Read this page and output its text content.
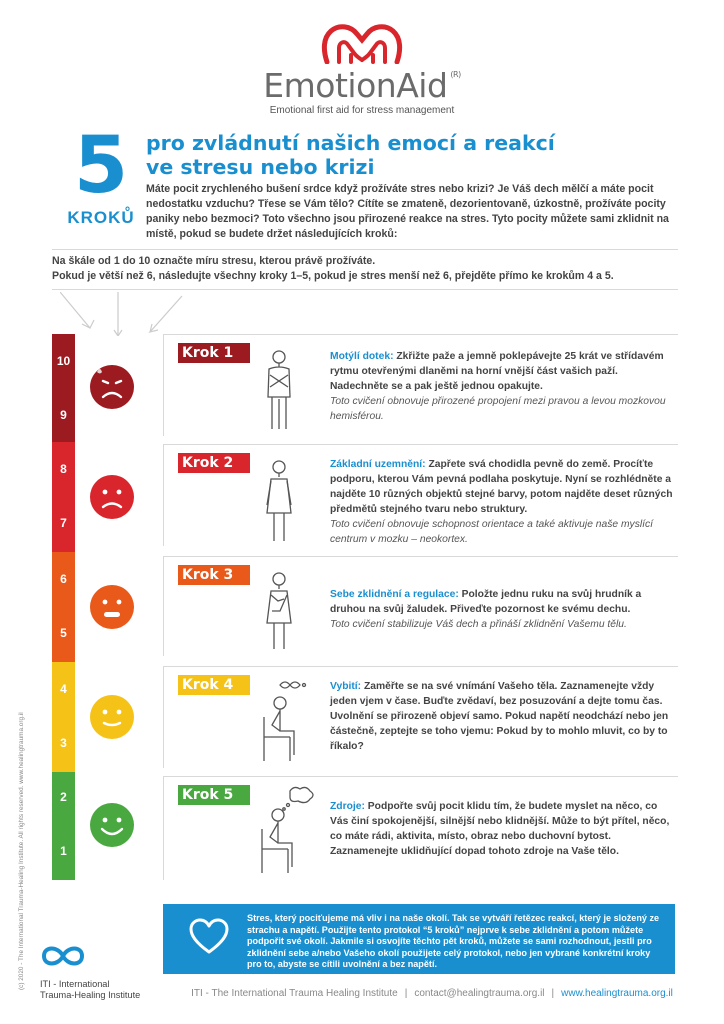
EmotionAid $^{(R)}$
Emotional first aid for stress management
5
KROKŮ
pro zvládnutí našich emocí a reakcí
ve stresu nebo krizi
Máte pocit zrychleného bušení srdce když prožíváte stres nebo krizi? Je Váš dech mělčí a máte pocit nedostatku vzduchu? Třese se Vám tělo? Cítíte se zmateně, dezorientovaně, úzkostně, prožíváte pocity paniky nebo bezmoci? Toto všechno jsou přirozené reakce na stres. Tyto pocity můžete sami zklidnit na místě, pokud se budete držet následujících kroků:
Na škále od 1 do 10 označte míru stresu, kterou právě prožíváte.
Pokud je větší než 6, následujte všechny kroky 1–5, pokud je stres menší než 6, přejděte přímo ke krokům 4 a 5.
10
9
8
7
6
5
4
3
2
1
Krok 1	Motýlí dotek: Zkřižte paže a jemně poklepávejte 25 krát ve střídavém rytmu otevřenými dlaněmi na horní vnější část vašich paží. Nadechněte se a pak ještě jednou opakujte.
Toto cvičení obnovuje přirozené propojení mezi pravou a levou mozkovou hemisférou.
Krok 2	Základní uzemnění: Zapřete svá chodidla pevně do země. Procíťte podporu, kterou Vám pevná podlaha poskytuje. Nyní se rozhlédněte a najděte 10 různých objektů stejné barvy, potom najděte deset různých předmětů stejného tvaru nebo struktury.
Toto cvičení obnovuje schopnost orientace a také aktivuje naše myslící centrum v mozku – neokortex.
Krok 3
Sebe zklidnění a regulace: Položte jednu ruku na svůj hrudník a druhou na svůj žaludek. Přiveďte pozornost ke svému dechu.
Toto cvičení stabilizuje Váš dech a přináší zklidnění Vašemu tělu.
Krok 4	Vybití: Zaměřte se na své vnímání Vašeho těla. Zaznamenejte vždy jeden vjem v čase. Buďte zvědaví, bez posuzování a dejte tomu čas. Uvolnění se přirozeně objeví samo. Pokud napětí neodchází nebo jen částečně, zeptejte se toho vjemu: Pokud by to mohlo mluvit, co by to říkalo?
Krok 5
Zdroje: Podpořte svůj pocit klidu tím, že budete myslet na něco, co Vás činí spokojenější, silnější nebo klidnější. Může to být přítel, něco, co máte rádi, aktivita, místo, obraz nebo duchovní bytost. Zaznamenejte uklidňující dopad tohoto zdroje na Vaše tělo.
Stres, který pociťujeme má vliv i na naše okolí. Tak se vytváří řetězec reakcí, který je složený ze strachu a napětí. Použijte tento protokol “5 kroků” nejprve k sebe zklidnění a potom můžete podpořit své okolí. Jakmile si osvojíte těchto pět kroků, můžete se sami rozhodnout, jestli pro zklidnění sebe a/nebo Vašeho okolí použijete celý protokol, nebo jen vybrané konkrétní kroky pro to, abyste se cítili uvolnění a bez napětí.
ITI - International
Trauma-Healing Institute	ITI - The International Trauma Healing Institute | contact@healingtrauma.org.il | www.healingtrauma.org.il
(c) 2020 - The International Trauma-Healing Institute. All rights reserved. www.healingtrauma.org.il
